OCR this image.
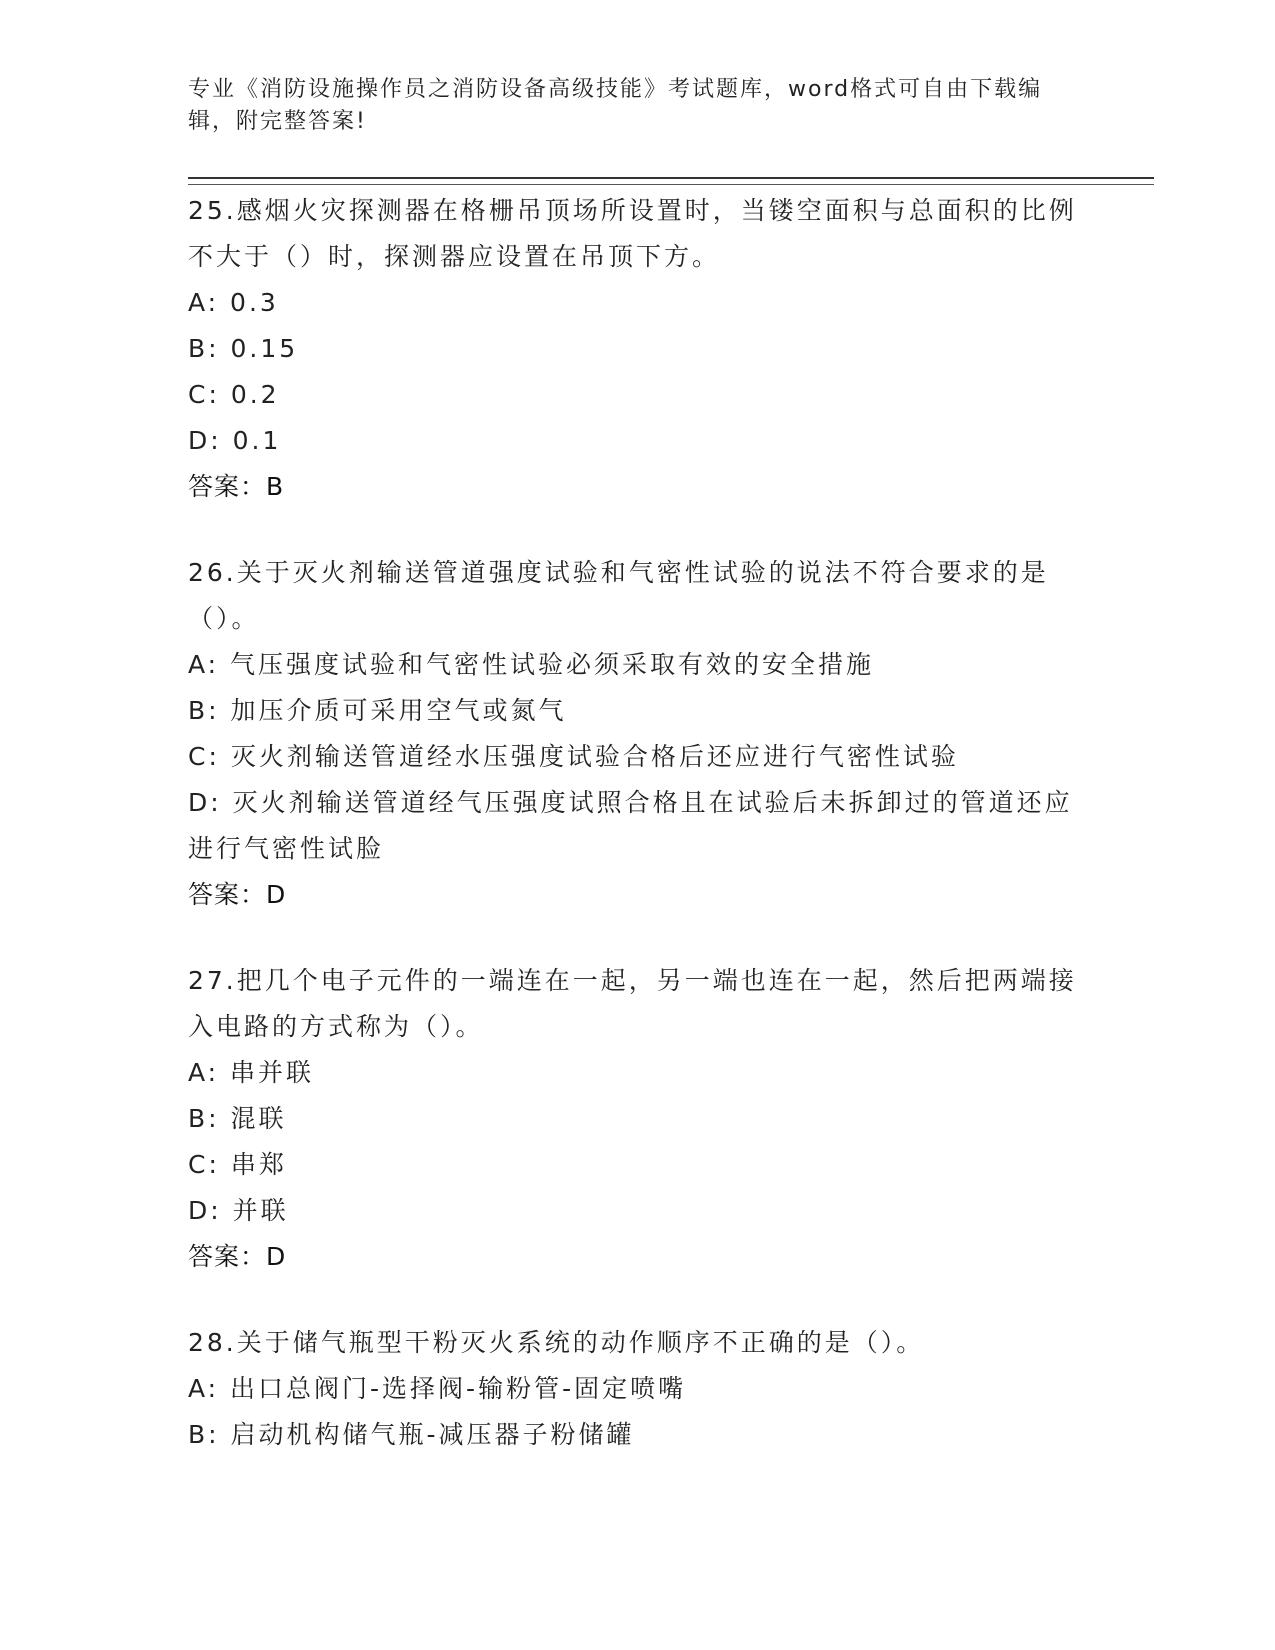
专业《消防设施操作员之消防设备高级技能》考试题库，word格式可自由下载编辑，附完整答案!
25.感烟火灾探测器在格栅吊顶场所设置时，当镂空面积与总面积的比例不大于（）时，探测器应设置在吊顶下方。
A: 0.3
B: 0.15
C: 0.2
D: 0.1
答案：B
26.关于灭火剂输送管道强度试验和气密性试验的说法不符合要求的是（）。
A: 气压强度试验和气密性试验必须采取有效的安全措施
B: 加压介质可采用空气或氮气
C: 灭火剂输送管道经水压强度试验合格后还应进行气密性试验
D: 灭火剂输送管道经气压强度试照合格且在试验后未拆卸过的管道还应进行气密性试脸
答案：D
27.把几个电子元件的一端连在一起，另一端也连在一起，然后把两端接入电路的方式称为（）。
A: 串并联
B: 混联
C: 串郑
D: 并联
答案：D
28.关于储气瓶型干粉灭火系统的动作顺序不正确的是（）。
A: 出口总阀门-选择阀-输粉管-固定喷嘴
B: 启动机构储气瓶-减压器子粉储罐
